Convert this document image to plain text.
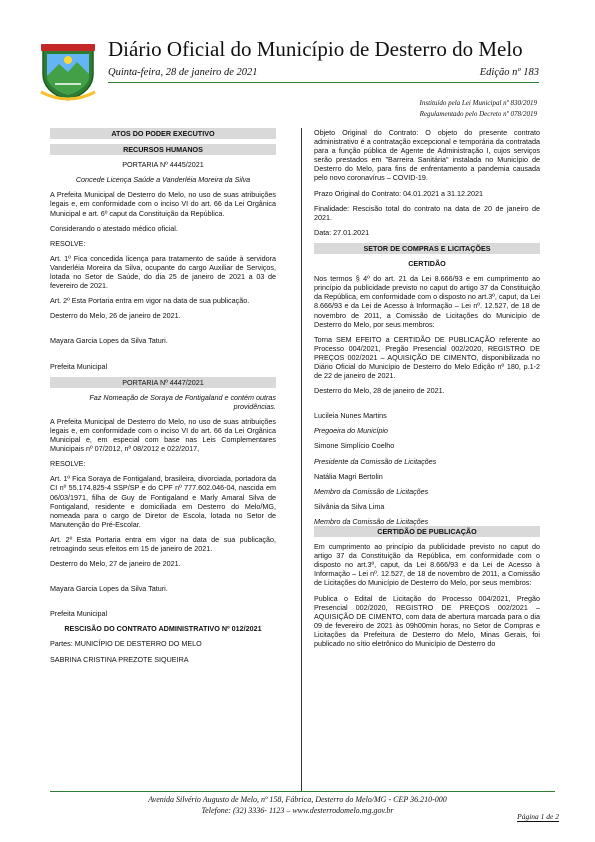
Diário Oficial do Município de Desterro do Melo
Quinta-feira, 28 de janeiro de 2021	Edição nº 183
Instituído pela Lei Municipal nº 830/2019
Regulamentado pelo Decreto nº 078/2019
ATOS DO PODER EXECUTIVO
RECURSOS HUMANOS

PORTARIA Nº 4445/2021

Concede Licença Saúde a Vanderléia Moreira da Silva

A Prefeita Municipal de Desterro do Melo, no uso de suas atribuições legais e, em conformidade com o inciso VI do art. 66 da Lei Orgânica Municipal e art. 6º caput da Constituição da República.

Considerando o atestado médico oficial.

RESOLVE:

Art. 1º Fica concedida licença para tratamento de saúde à servidora Vanderléia Moreira da Silva, ocupante do cargo Auxiliar de Serviços, lotada no Setor de Saúde, do dia 25 de janeiro de 2021 a 03 de fevereiro de 2021.

Art. 2º Esta Portaria entra em vigor na data de sua publicação.

Desterro do Melo, 26 de janeiro de 2021.

Mayara Garcia Lopes da Silva Taturi.

Prefeita Municipal

PORTARIA Nº 4447/2021

Faz Nomeação de Soraya de Fontigaland e contém outras providências.

A Prefeita Municipal de Desterro do Melo, no uso de suas atribuições legais e, em conformidade com o inciso VI do art. 66 da Lei Orgânica Municipal e, em especial com base nas Leis Complementares Municipais nº 07/2012, nº 08/2012 e 022/2017,

RESOLVE:

Art. 1º Fica Soraya de Fontigaland, brasileira, divorciada, portadora da CI nº 55.174.825-4 SSP/SP e do CPF nº 777.602.046-04, nascida em 06/03/1971, filha de Guy de Fontigaland e Marly Amaral Silva de Fontigaland, residente e domiciliada em Desterro do Melo/MG, nomeada para o cargo de Diretor de Escola, lotada no Setor de Manutenção do Pré-Escolar.

Art. 2º Esta Portaria entra em vigor na data de sua publicação, retroagindo seus efeitos em 15 de janeiro de 2021.

Desterro do Melo, 27 de janeiro de 2021.

Mayara Garcia Lopes da Silva Taturi.

Prefeita Municipal

RESCISÃO DO CONTRATO ADMINISTRATIVO Nº 012/2021

Partes: MUNICÍPIO DE DESTERRO DO MELO

SABRINA CRISTINA PREZOTE SIQUEIRA

Objeto Original do Contrato: O objeto do presente contrato administrativo é a contratação excepcional e temporária da contratada para a função pública de Agente de Administração I, cujos serviços serão prestados em "Barreira Sanitária" instalada no Município de Desterro do Melo, para fins de enfrentamento a pandemia causada pelo novo coronavírus – COVID-19.

Prazo Original do Contrato: 04.01.2021 a 31.12.2021

Finalidade: Rescisão total do contrato na data de 20 de janeiro de 2021.

Data: 27.01.2021

SETOR DE COMPRAS E LICITAÇÕES

CERTIDÃO

Nos termos § 4º do art. 21 da Lei 8.666/93 e em cumprimento ao princípio da publicidade previsto no caput do artigo 37 da Constituição da República, em conformidade com o disposto no art.3º, caput, da Lei 8.666/93 e da Lei de Acesso à Informação – Lei nº. 12.527, de 18 de novembro de 2011, a Comissão de Licitações do Município de Desterro do Melo, por seus membros:

Torna SEM EFEITO a CERTIDÃO DE PUBLICAÇÃO referente ao Processo 004/2021, Pregão Presencial 002/2020, REGISTRO DE PREÇOS 002/2021 – AQUISIÇÃO DE CIMENTO, disponibilizada no Diário Oficial do Município de Desterro do Melo Edição nº 180, p.1-2 de 22 de janeiro de 2021.

Desterro do Melo, 28 de janeiro de 2021.

Lucileia Nunes Martins

Pregoeira do Município

Simone Simplício Coelho

Presidente da Comissão de Licitações

Natália Magri Bertolin

Membro da Comissão de Licitações

Silvânia da Silva Lima

Membro da Comissão de Licitações

CERTIDÃO DE PUBLICAÇÃO

Em cumprimento ao princípio da publicidade previsto no caput do artigo 37 da Constituição da República, em conformidade com o disposto no art.3º, caput, da Lei 8.666/93 e da Lei de Acesso à Informação – Lei nº. 12.527, de 18 de novembro de 2011, a Comissão de Licitações do Município de Desterro do Melo, por seus membros:

Publica o Edital de Licitação do Processo 004/2021, Pregão Presencial 002/2020, REGISTRO DE PREÇOS 002/2021 – AQUISIÇÃO DE CIMENTO, com data de abertura marcada para o dia 09 de fevereiro de 2021 às 09h00min horas, no Setor de Compras e Licitações da Prefeitura de Desterro do Melo, Minas Gerais, foi publicado no sítio eletrônico do Município de Desterro do

Avenida Silvério Augusto de Melo, nº 158, Fábrica, Desterro do Melo/MG - CEP 36.210-000
Telefone: (32) 3336- 1123 – www.desterrodomelo.mg.gov.br
Página 1 de 2
